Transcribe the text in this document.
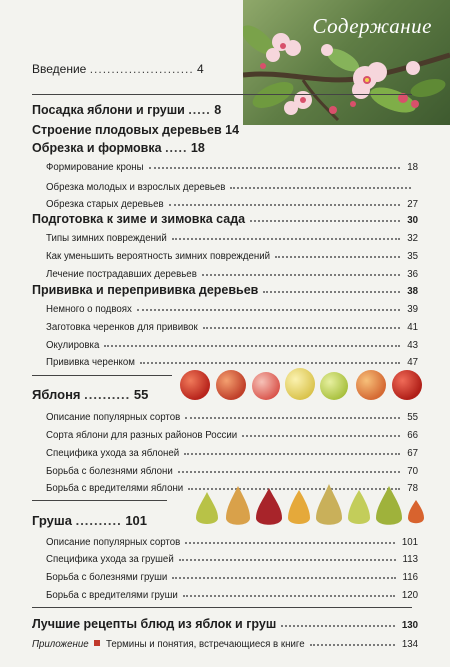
Содержание
Введение ........................ 4
Посадка яблони и груши ..... 8
Строение плодовых деревьев 14
Обрезка и формовка ..... 18
Формирование кроны	18
Обрезка молодых и взрослых деревьев
Обрезка старых деревьев	27
Подготовка к зиме и зимовка сада	30
Типы зимних повреждений	32
Как уменьшить вероятность зимних повреждений	35
Лечение пострадавших деревьев	36
Прививка и перепрививка деревьев	38
Немного о подвоях	39
Заготовка черенков для прививок	41
Окулировка	43
Прививка черенком	47
Яблоня .......... 55
Описание популярных сортов	55
Сорта яблони для разных районов России	66
Специфика ухода за яблоней	67
Борьба с болезнями яблони	70
Борьба с вредителями яблони	78
Груша .......... 101
Описание популярных сортов	101
Специфика ухода за грушей	113
Борьба с болезнями груши	116
Борьба с вредителями груши	120
Лучшие рецепты блюд из яблок и груш	130
Приложение Термины и понятия, встречающиеся в книге	134
